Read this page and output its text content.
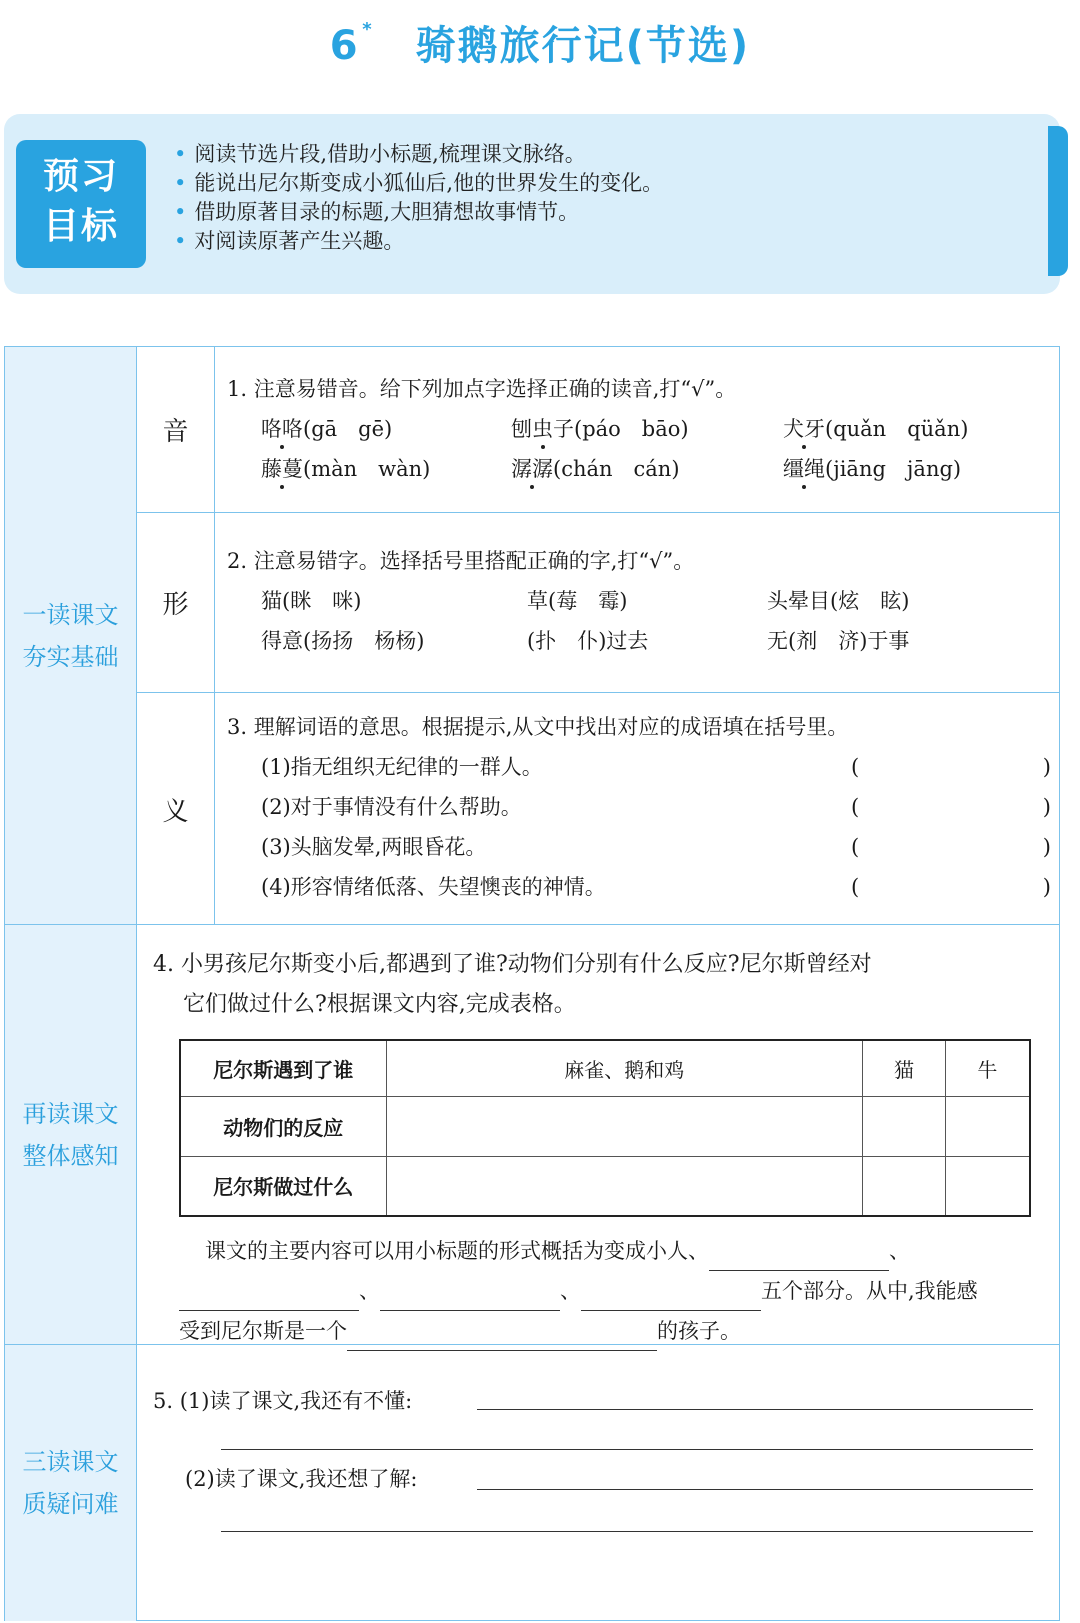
6 * 骑鹅旅行记(节选)
预习
目标
• 阅读节选片段,借助小标题,梳理课文脉络。
• 能说出尼尔斯变成小狐仙后,他的世界发生的变化。
• 借助原著目录的标题,大胆猜想故事情节。
• 对阅读原著产生兴趣。
一读课文
夯实基础
音
1. 注意易错音。给下列加点字选择正确的读音,打“√”。
咯咯(gā　gē)	刨虫子(páo　bāo)	犬牙(quǎn　qüǎn)
藤蔓(màn　wàn)	潺潺(chán　cán)	缰绳(jiāng　jāng)
形
2. 注意易错字。选择括号里搭配正确的字,打“√”。
猫(眯　咪)	草(莓　霉)	头晕目(炫　眩)
得意(扬扬　杨杨)	(扑　仆)过去	无(剂　济)于事
义
3. 理解词语的意思。根据提示,从文中找出对应的成语填在括号里。
(1)指无组织无纪律的一群人。	(	)
(2)对于事情没有什么帮助。	(	)
(3)头脑发晕,两眼昏花。	(	)
(4)形容情绪低落、失望懊丧的神情。	(	)
再读课文
整体感知
4. 小男孩尼尔斯变小后,都遇到了谁?动物们分别有什么反应?尼尔斯曾经对
它们做过什么?根据课文内容,完成表格。
尼尔斯遇到了谁	麻雀、鹅和鸡	猫	牛
动物们的反应			
尼尔斯做过什么			
课文的主要内容可以用小标题的形式概括为变成小人、	、
、	、	五个部分。从中,我能感
受到尼尔斯是一个	的孩子。
三读课文
质疑问难
5. (1)读了课文,我还有不懂:
(2)读了课文,我还想了解:
